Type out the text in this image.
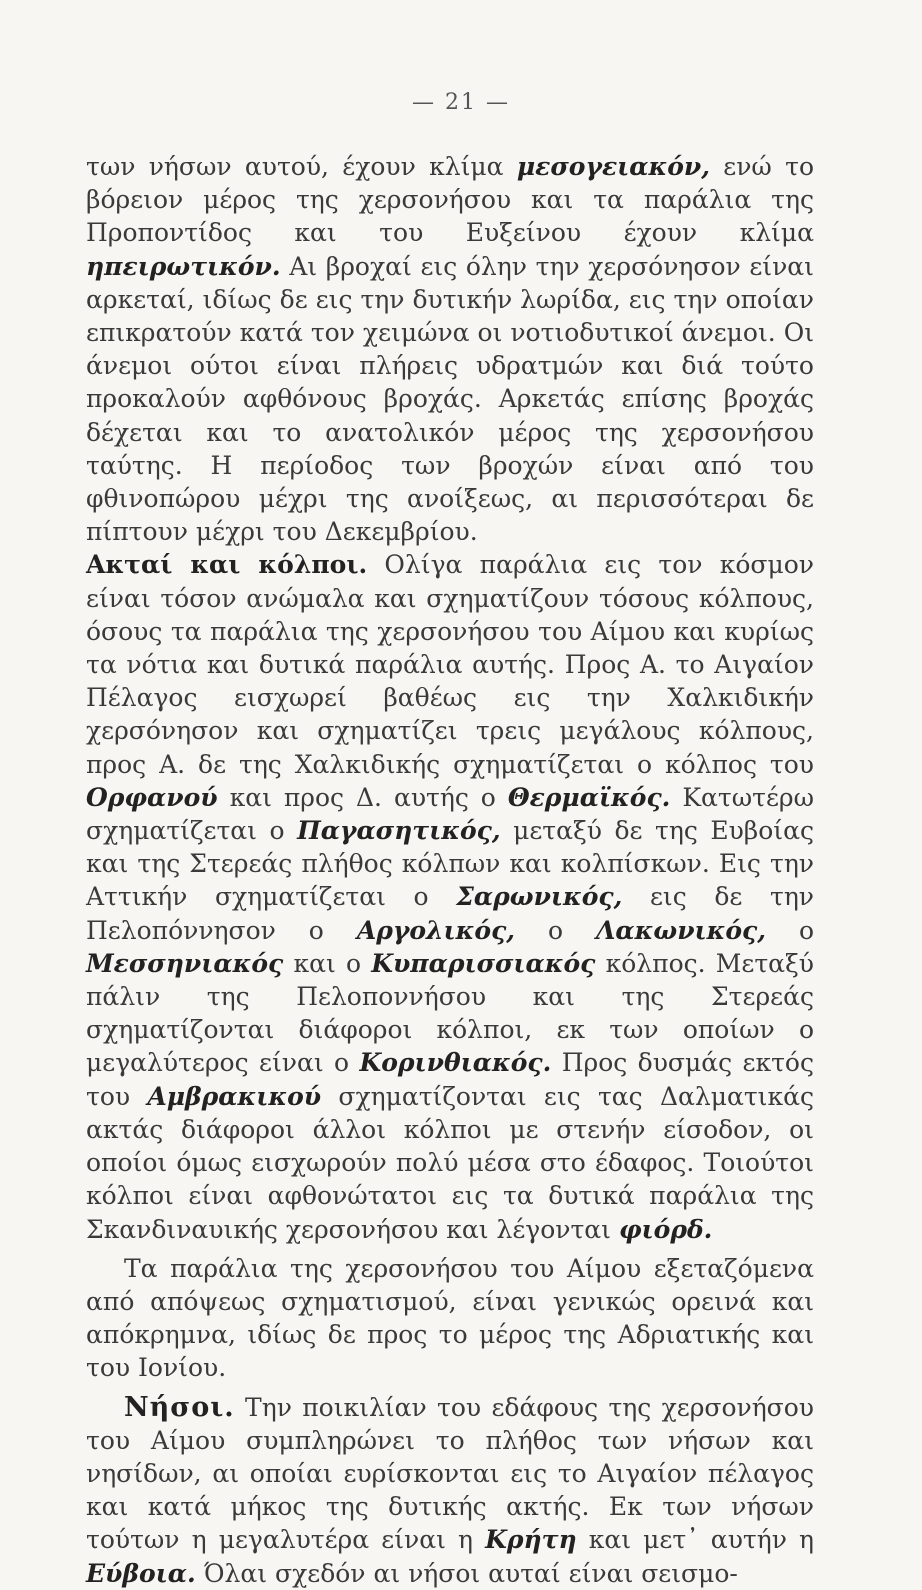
— 21 —

των νήσων αυτού, έχουν κλίμα μεσογειακόν, ενώ το βόρειον μέρος της χερσονήσου και τα παράλια της Προποντίδος και του Ευξείνου έχουν κλίμα ηπειρωτικόν. Αι βροχαί εις όλην την χερσόνησον είναι αρκεταί, ιδίως δε εις την δυτικήν λωρίδα, εις την οποίαν επικρατούν κατά τον χειμώνα οι νοτιοδυτικοί άνεμοι. Οι άνεμοι ούτοι είναι πλήρεις υδρατμών και διά τούτο προκαλούν αφθόνους βροχάς. Αρκετάς επίσης βροχάς δέχεται και το ανατολικόν μέρος της χερσονήσου ταύτης. Η περίοδος των βροχών είναι από του φθινοπώρου μέχρι της ανοίξεως, αι περισσότεραι δε πίπτουν μέχρι του Δεκεμβρίου.

Ακταί και κόλποι. Ολίγα παράλια εις τον κόσμον είναι τόσον ανώμαλα και σχηματίζουν τόσους κόλπους, όσους τα παράλια της χερσονήσου του Αίμου και κυρίως τα νότια και δυτικά παράλια αυτής. Προς Α. το Αιγαίον Πέλαγος εισχωρεί βαθέως εις την Χαλκιδικήν χερσόνησον και σχηματίζει τρεις μεγάλους κόλπους, προς Α. δε της Χαλκιδικής σχηματίζεται ο κόλπος του Ορφανού και προς Δ. αυτής ο Θερμαϊκός. Κατωτέρω σχηματίζεται ο Παγασητικός, μεταξύ δε της Ευβοίας και της Στερεάς πλήθος κόλπων και κολπίσκων. Εις την Αττικήν σχηματίζεται ο Σαρωνικός, εις δε την Πελοπόννησον ο Αργολικός, ο Λακωνικός, ο Μεσσηνιακός και ο Κυπαρισσιακός κόλπος. Μεταξύ πάλιν της Πελοποννήσου και της Στερεάς σχηματίζονται διάφοροι κόλποι, εκ των οποίων ο μεγαλύτερος είναι ο Κορινθιακός. Προς δυσμάς εκτός του Αμβρακικού σχηματίζονται εις τας Δαλματικάς ακτάς διάφοροι άλλοι κόλποι με στενήν είσοδον, οι οποίοι όμως εισχωρούν πολύ μέσα στο έδαφος. Τοιούτοι κόλποι είναι αφθονώτατοι εις τα δυτικά παράλια της Σκανδιναυικής χερσονήσου και λέγονται φιόρδ.

Τα παράλια της χερσονήσου του Αίμου εξεταζόμενα από απόψεως σχηματισμού, είναι γενικώς ορεινά και απόκρημνα, ιδίως δε προς το μέρος της Αδριατικής και του Ιονίου.

Νήσοι. Την ποικιλίαν του εδάφους της χερσονήσου του Αίμου συμπληρώνει το πλήθος των νήσων και νησίδων, αι οποίαι ευρίσκονται εις το Αιγαίον πέλαγος και κατά μήκος της δυτικής ακτής. Εκ των νήσων τούτων η μεγαλυτέρα είναι η Κρήτη και μετ᾽ αυτήν η Εύβοια. Όλαι σχεδόν αι νήσοι αυταί είναι σεισμο-
